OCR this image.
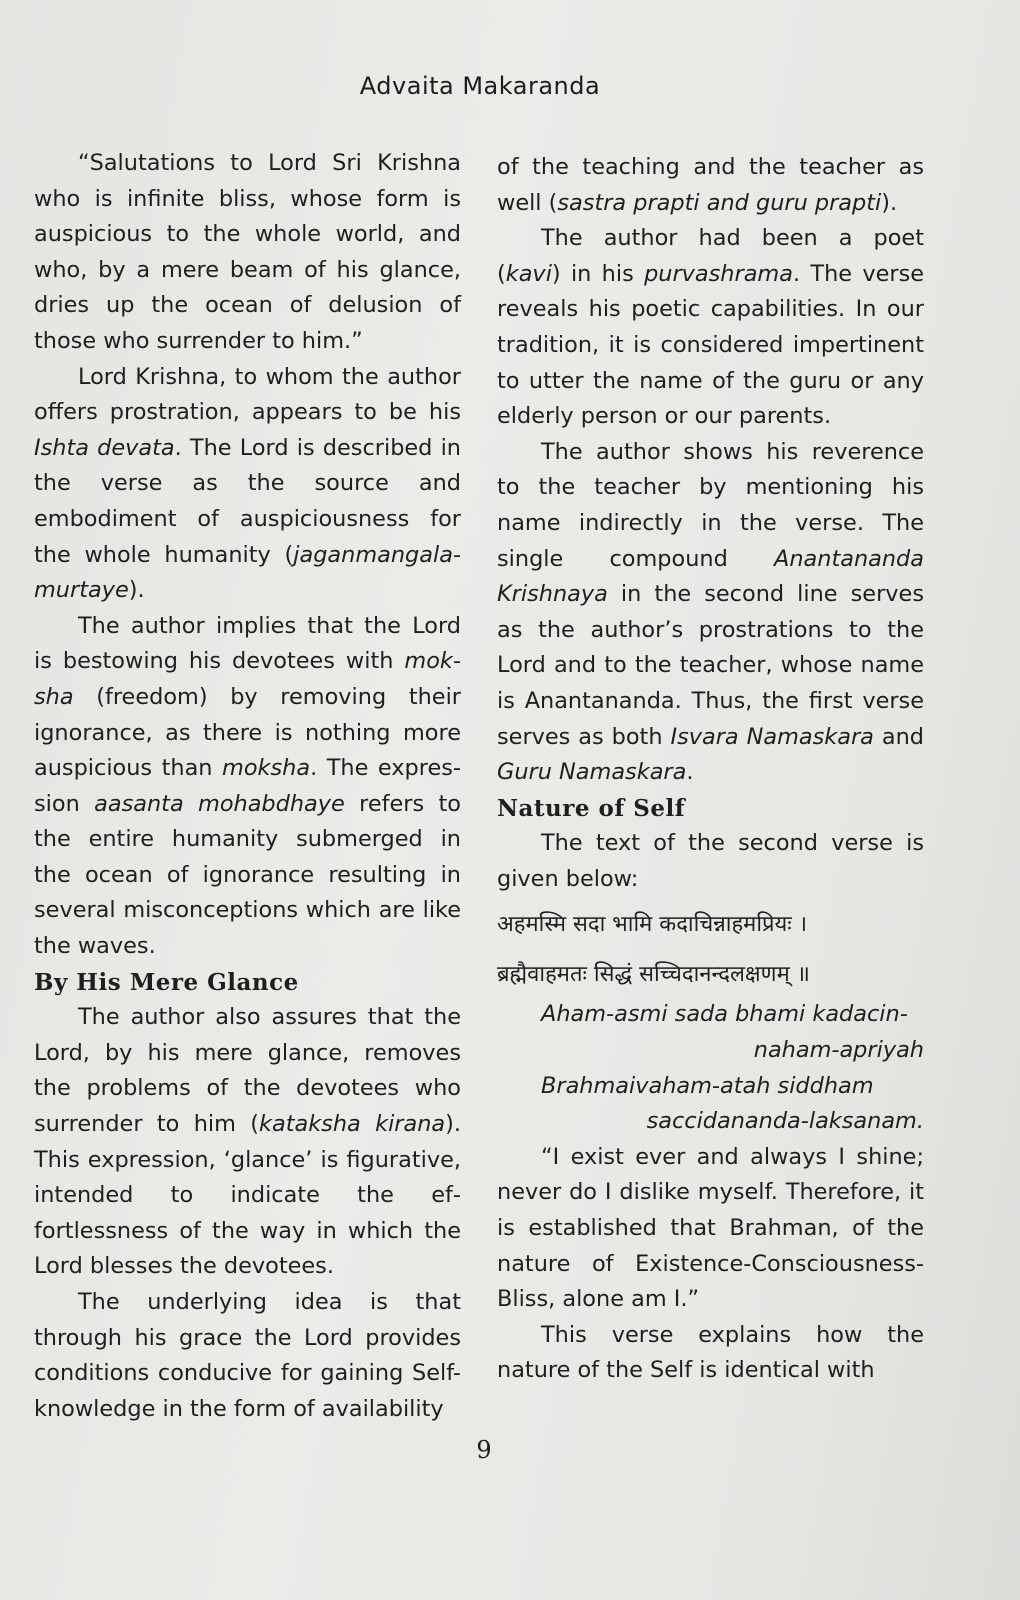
Advaita Makaranda

“Salutations to Lord Sri Krishna who is infinite bliss, whose form is auspicious to the whole world, and who, by a mere beam of his glance, dries up the ocean of delusion of those who surrender to him.”

Lord Krishna, to whom the author offers prostration, appears to be his Ishta devata. The Lord is described in the verse as the source and embodiment of auspiciousness for the whole humanity (jaganmangala-murtaye).

The author implies that the Lord is bestowing his devotees with moksha (freedom) by removing their ignorance, as there is nothing more auspicious than moksha. The expression aasanta mohabdhaye refers to the entire humanity submerged in the ocean of ignorance resulting in several misconceptions which are like the waves.

By His Mere Glance

The author also assures that the Lord, by his mere glance, removes the problems of the devotees who surrender to him (kataksha kirana). This expression, ‘glance’ is figurative, intended to indicate the effortlessness of the way in which the Lord blesses the devotees.

The underlying idea is that through his grace the Lord provides conditions conducive for gaining Self-knowledge in the form of availability

of the teaching and the teacher as well (sastra prapti and guru prapti).

The author had been a poet (kavi) in his purvashrama. The verse reveals his poetic capabilities. In our tradition, it is considered impertinent to utter the name of the guru or any elderly person or our parents.

The author shows his reverence to the teacher by mentioning his name indirectly in the verse. The single compound Anantananda Krishnaya in the second line serves as the author’s prostrations to the Lord and to the teacher, whose name is Anantananda. Thus, the first verse serves as both Isvara Namaskara and Guru Namaskara.

Nature of Self

The text of the second verse is given below:

अहमस्मि सदा भामि कदाचिन्नाहमप्रियः ।
ब्रह्मैवाहमतः सिद्धं सच्चिदानन्दलक्षणम् ॥
Aham-asmi sada bhami kadacin-
naham-apriyah
Brahmaivaham-atah siddham
saccidananda-laksanam.

“I exist ever and always I shine; never do I dislike myself. Therefore, it is established that Brahman, of the nature of Existence-Consciousness-Bliss, alone am I.”

This verse explains how the nature of the Self is identical with

9
